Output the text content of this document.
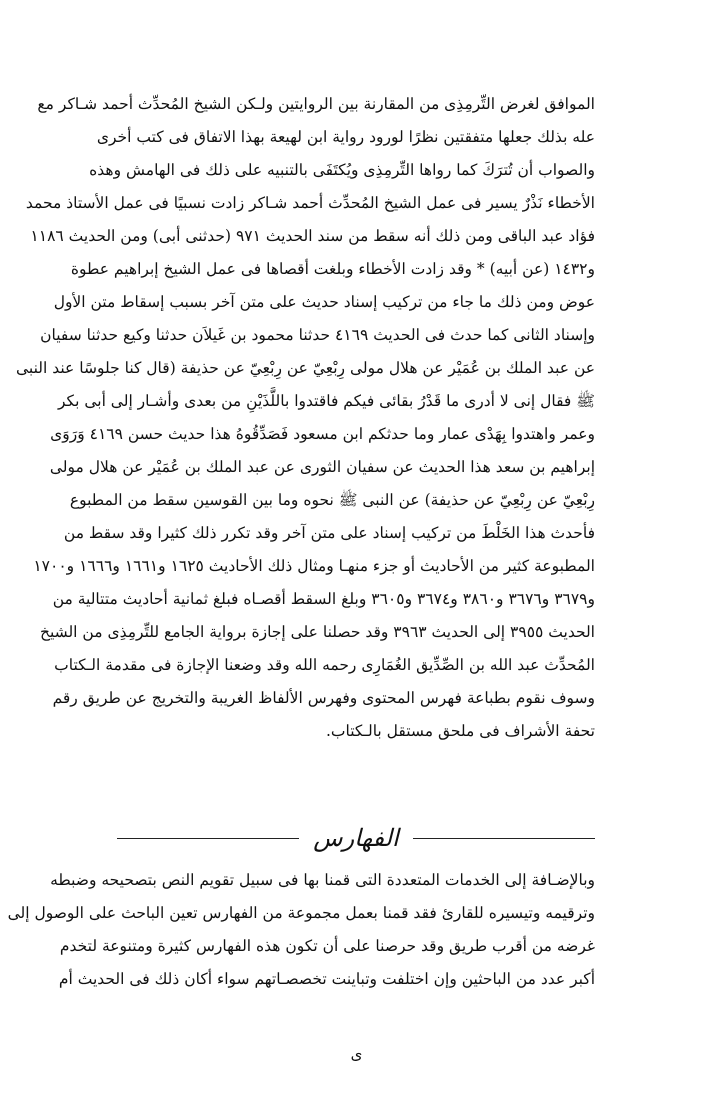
الموافق لغرض التِّرمِذِى من المقارنة بين الروايتين ولـكن الشيخ المُحدِّث أحمد شـاكر مع
عله بذلك جعلها متفقتين نظرًا لورود رواية ابن لهيعة بهذا الاتفاق فى كتب أخرى
والصواب أن تُترَكَ كما رواها التِّرمِذِى ويُكتَفَى بالتنبيه على ذلك فى الهامش وهذه
الأخطاء نَذْرٌ يسير فى عمل الشيخ المُحدِّث أحمد شـاكر زادت نسبيًا فى عمل الأستاذ محمد
فؤاد عبد الباقى ومن ذلك أنه سقط من سند الحديث ٩٧١ (حدثنى أبى) ومن الحديث ١١٨٦
و١٤٣٢ (عن أبيه) * وقد زادت الأخطاء وبلغت أقصاها فى عمل الشيخ إبراهيم عطوة
عوض ومن ذلك ما جاء من تركيب إسناد حديث على متن آخر بسبب إسقاط متن الأول
وإسناد الثانى كما حدث فى الحديث ٤١٦٩ حدثنا محمود بن غَيلاَن حدثنا وكيع حدثنا سفيان
عن عبد الملك بن عُمَيْر عن هلال مولى رِبْعِيّ عن رِبْعِيّ عن حذيفة (قال كنا جلوسًا عند النبى
ﷺ فقال إنى لا أدرى ما قَدْرُ بقائى فيكم فاقتدوا باللَّذَيْنِ من بعدى وأشـار إلى أبى بكر
وعمر واهتدوا بِهَدْى عمار وما حدثكم ابن مسعود فَصَدِّقُوهُ هذا حديث حسن ٤١٦٩ وَرَوَى
إبراهيم بن سعد هذا الحديث عن سفيان الثورى عن عبد الملك بن عُمَيْر عن هلال مولى
رِبْعِيّ عن رِبْعِيّ عن حذيفة) عن النبى ﷺ نحوه وما بين القوسين سقط من المطبوع
فأحدث هذا الخَلْطَ من تركيب إسناد على متن آخر وقد تكرر ذلك كثيرا وقد سقط من
المطبوعة كثير من الأحاديث أو جزء منهـا ومثال ذلك الأحاديث ١٦٢٥ و١٦٦١ و١٦٦٦ و١٧٠٠
و٣٦٧٩ و٣٦٧٦ و٣٨٦٠ و٣٦٧٤ و٣٦٠٥ وبلغ السقط أقصـاه فبلغ ثمانية أحاديث متتالية من
الحديث ٣٩٥٥ إلى الحديث ٣٩٦٣ وقد حصلنا على إجازة برواية الجامع للتِّرمِذِى من الشيخ
المُحدِّث عبد الله بن الصِّدِّيق الغُمَارِى رحمه الله وقد وضعنا الإجازة فى مقدمة الـكتاب
وسوف نقوم بطباعة فهرس المحتوى وفهرس الألفاظ الغريبة والتخريج عن طريق رقم
تحفة الأشراف فى ملحق مستقل بالـكتاب.
الفهارس
وبالإضـافة إلى الخدمات المتعددة التى قمنا بها فى سبيل تقويم النص بتصحيحه وضبطه
وترقيمه وتيسيره للقارئ فقد قمنا بعمل مجموعة من الفهارس تعين الباحث على الوصول إلى
غرضه من أقرب طريق وقد حرصنا على أن تكون هذه الفهارس كثيرة ومتنوعة لتخدم
أكبر عدد من الباحثين وإن اختلفت وتباينت تخصصـاتهم سواء أكان ذلك فى الحديث أم
ى
